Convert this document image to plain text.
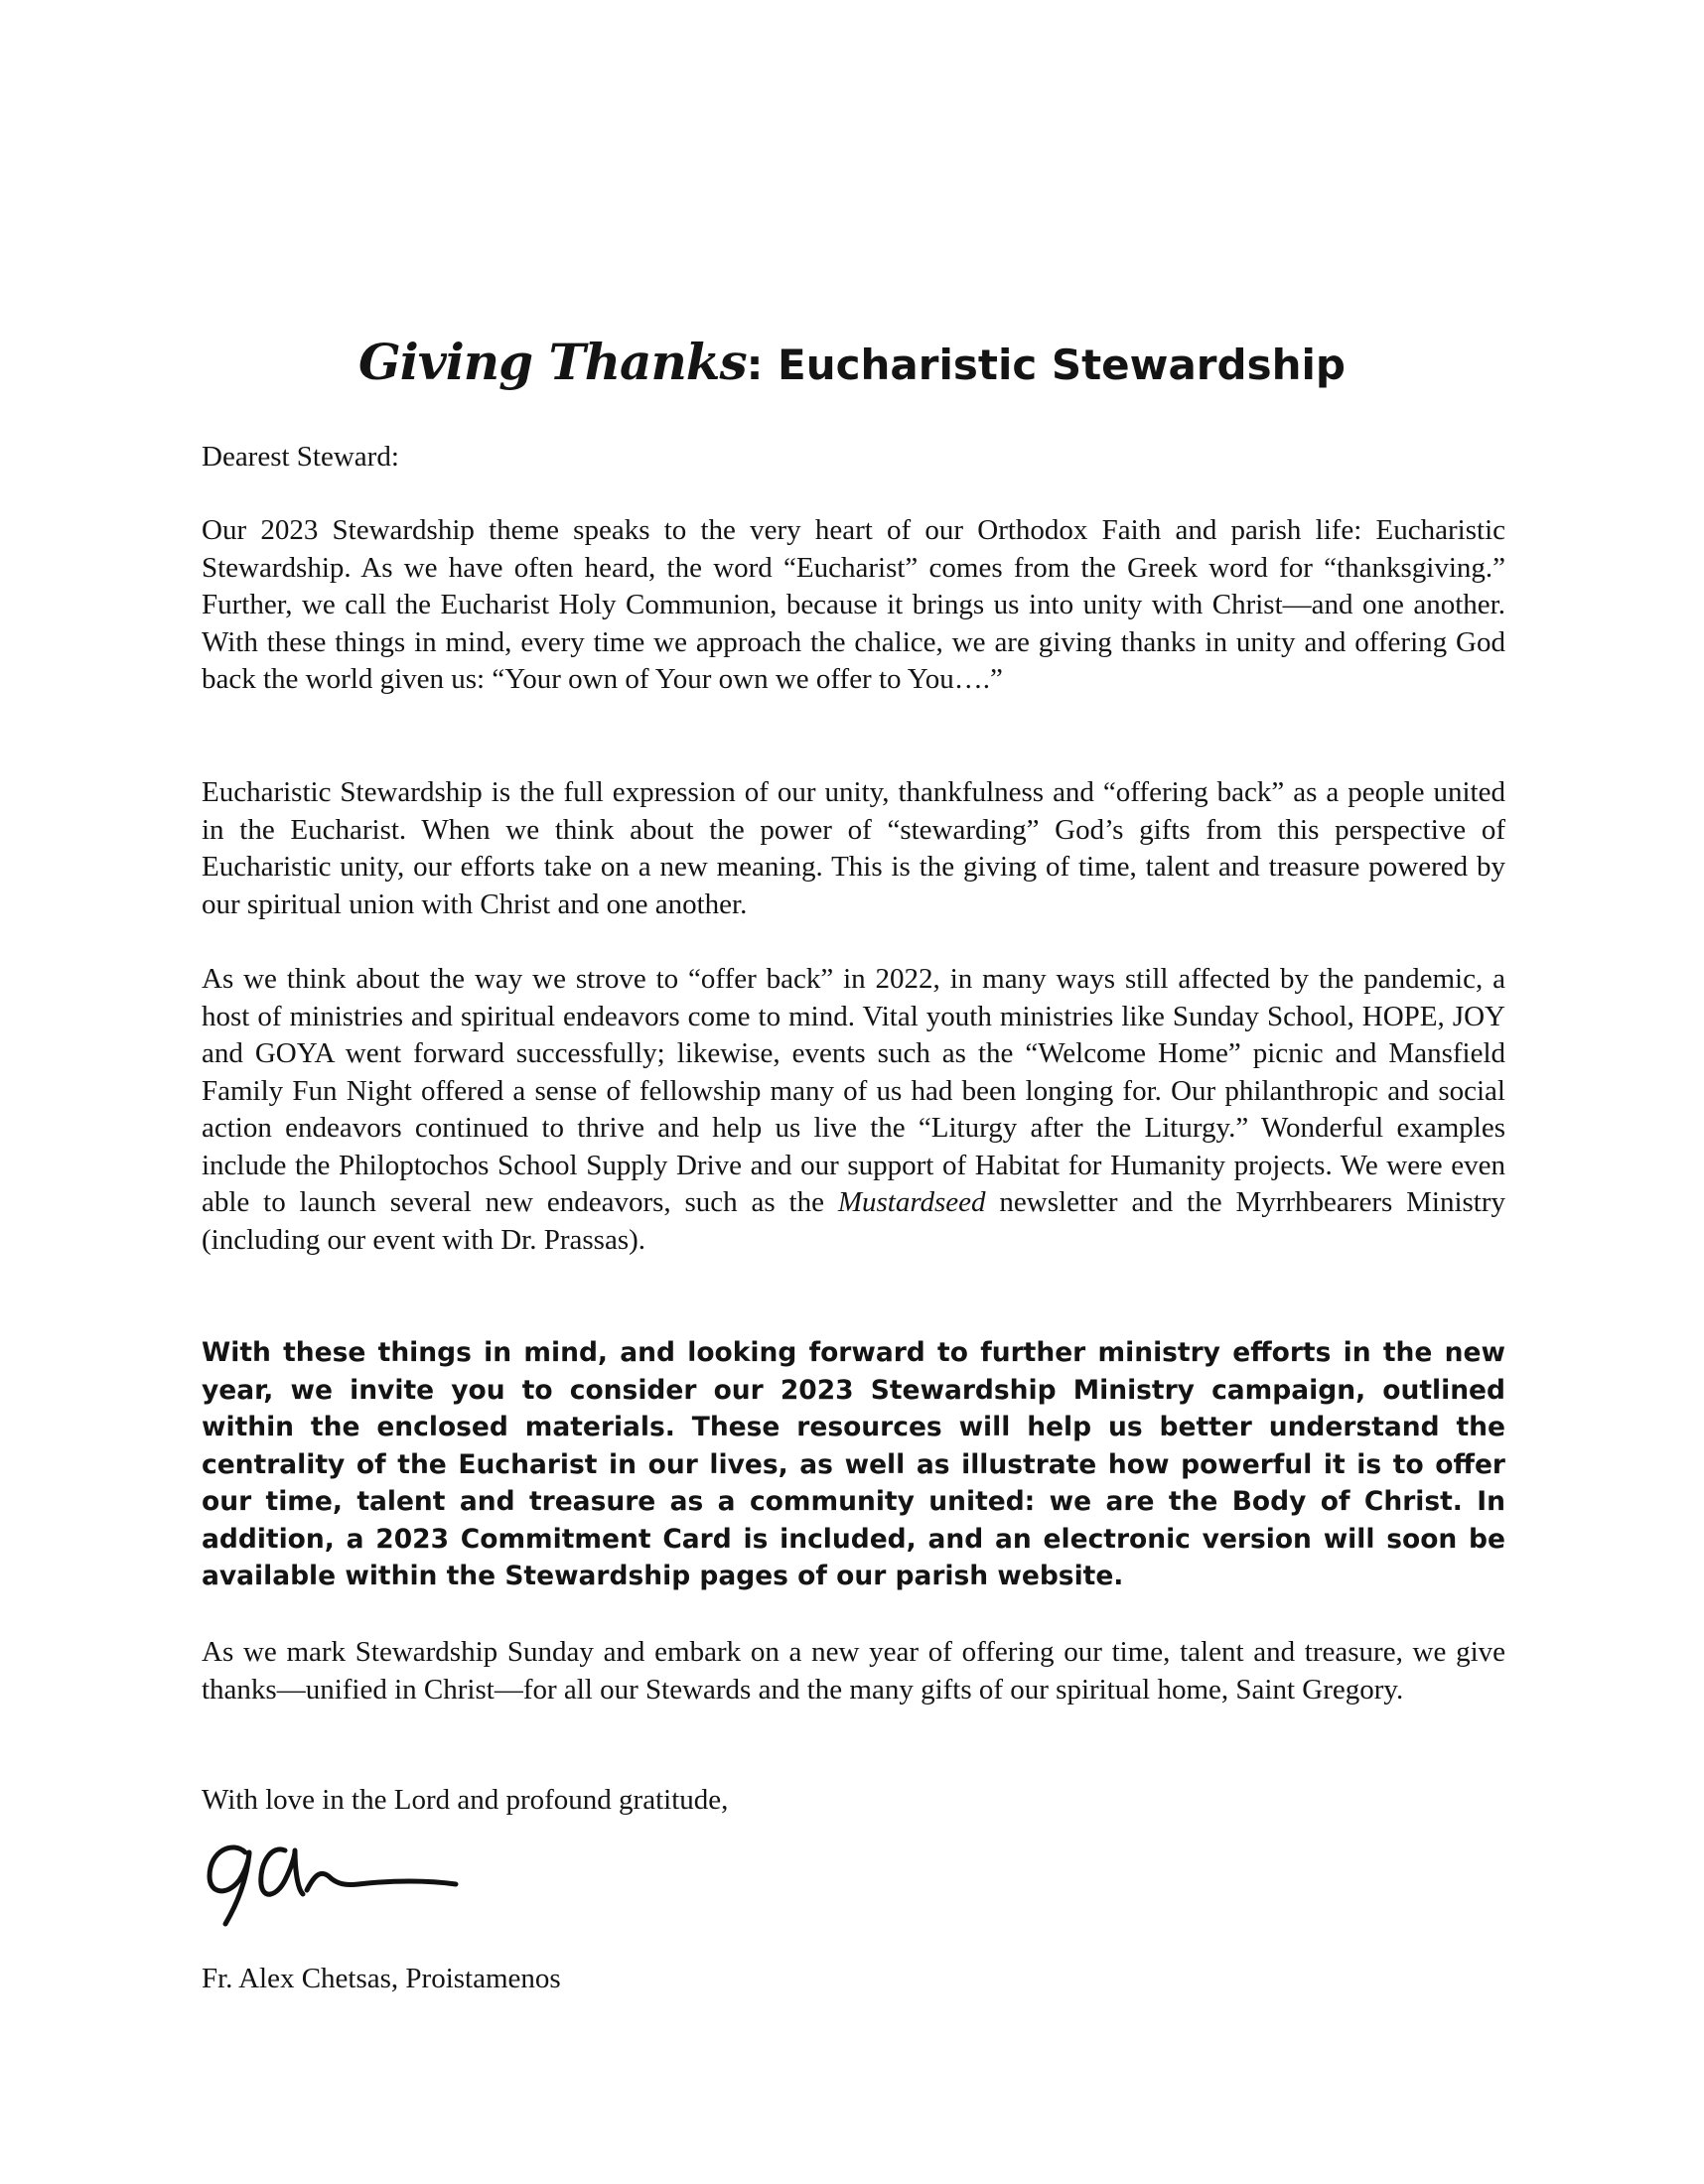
Giving Thanks: Eucharistic Stewardship

Dearest Steward:

Our 2023 Stewardship theme speaks to the very heart of our Orthodox Faith and parish life: Eucharistic Stewardship. As we have often heard, the word “Eucharist” comes from the Greek word for “thanksgiving.” Further, we call the Eucharist Holy Communion, because it brings us into unity with Christ—and one another. With these things in mind, every time we approach the chalice, we are giving thanks in unity and offering God back the world given us: “Your own of Your own we offer to You….”

Eucharistic Stewardship is the full expression of our unity, thankfulness and “offering back” as a people united in the Eucharist. When we think about the power of “stewarding” God’s gifts from this perspective of Eucharistic unity, our efforts take on a new meaning. This is the giving of time, talent and treasure powered by our spiritual union with Christ and one another.

As we think about the way we strove to “offer back” in 2022, in many ways still affected by the pandemic, a host of ministries and spiritual endeavors come to mind. Vital youth ministries like Sunday School, HOPE, JOY and GOYA went forward successfully; likewise, events such as the “Welcome Home” picnic and Mansfield Family Fun Night offered a sense of fellowship many of us had been longing for. Our philanthropic and social action endeavors continued to thrive and help us live the “Liturgy after the Liturgy.” Wonderful examples include the Philoptochos School Supply Drive and our support of Habitat for Humanity projects. We were even able to launch several new endeavors, such as the Mustardseed newsletter and the Myrrhbearers Ministry (including our event with Dr. Prassas).

With these things in mind, and looking forward to further ministry efforts in the new year, we invite you to consider our 2023 Stewardship Ministry campaign, outlined within the enclosed materials. These resources will help us better understand the centrality of the Eucharist in our lives, as well as illustrate how powerful it is to offer our time, talent and treasure as a community united: we are the Body of Christ. In addition, a 2023 Commitment Card is included, and an electronic version will soon be available within the Stewardship pages of our parish website.

As we mark Stewardship Sunday and embark on a new year of offering our time, talent and treasure, we give thanks—unified in Christ—for all our Stewards and the many gifts of our spiritual home, Saint Gregory.

With love in the Lord and profound gratitude,

Fr. Alex Chetsas, Proistamenos
